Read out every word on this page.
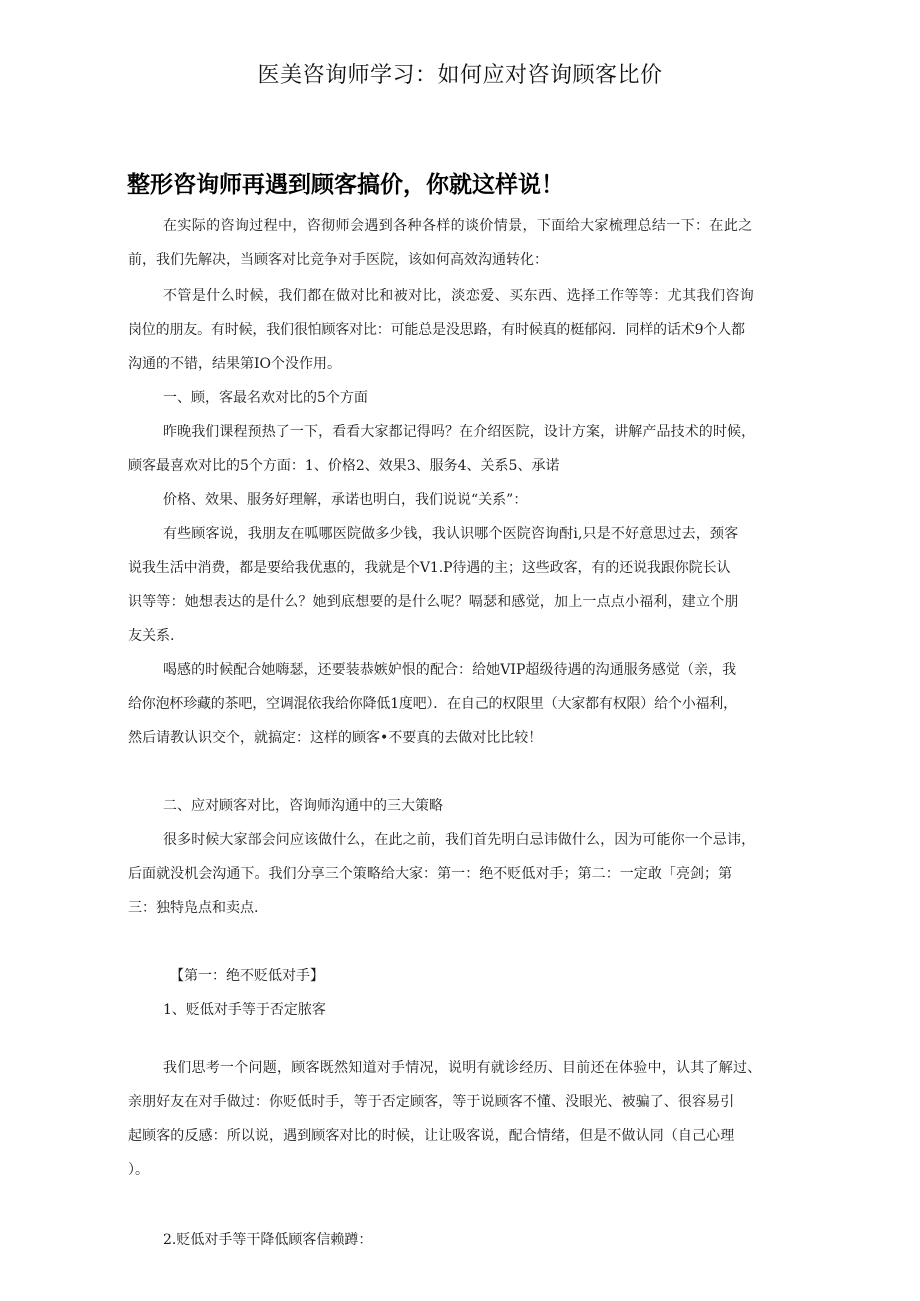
医美咨询师学习：如何应对咨询顾客比价
整形咨询师再遇到顾客搞价，你就这样说！
在实际的咨询过程中，咨彻师会遇到各种各样的谈价情景，下面给大家梳理总结一下：在此之
前，我们先解决，当顾客对比竞争对手医院，该如何高效沟通转化：
不管是什么时候，我们都在做对比和被对比，淡恋爱、买东西、选择工作等等：尤其我们咨询
岗位的朋友。有时候，我们很怕顾客对比：可能总是没思路，有时候真的梃郁闷．同样的话术9个人都
沟通的不错，结果第IO个没作用。
一、顾，客最名欢对比的5个方面
昨晚我们课程预热了一下，看看大家都记得吗？在介绍医院，设计方案，讲解产品技术的时候，
顾客最喜欢对比的5个方面：1、价格2、效果3、服务4、关系5、承诺
价格、效果、服务好理解，承诺也明白，我们说说“关系”：
有些顾客说，我朋友在呱哪医院做多少钱，我认识哪个医院咨询酎i,只是不好意思过去，颈客
说我生活中消费，都是要给我优惠的，我就是个V1.P待遇的主；这些政客，有的还说我跟你院长认
识等等：她想表达的是什么？她到底想要的是什么呢？嗝瑟和感觉，加上一点点小福利，建立个朋
友关系.
喝感的时候配合她嗨瑟，还要装恭嫉妒恨的配合：给她VIP超级待遇的沟通服务感觉（亲，我
给你泡杯珍藏的茶吧，空调混依我给你降低1度吧）．在自己的权限里（大家都有权限）给个小福利，
然后请教认识交个，就搞定：这样的顾客•不要真的去做对比比较！
二、应对顾客对比，咨询师沟通中的三大策略
很多时候大家部会问应该做什么，在此之前，我们首先明白忌讳做什么，因为可能你一个忌讳，
后面就没机会沟通下。我们分享三个策略给大家：第一：绝不贬低对手；第二：一定敢「亮剑；第
三：独特凫点和卖点.
【第一：绝不贬低对手】
1、贬低对手等于否定脓客
我们思考一个问题，顾客既然知道对手情况，说明有就诊经历、目前还在体验中，认其了解过、
亲朋好友在对手做过：你贬低时手，等于否定顾客，等于说顾客不懂、没眼光、被骗了、很容易引
起顾客的反感：所以说，遇到顾客对比的时候，让让吸客说，配合情绪，但是不做认同（自己心理
）。
2.贬低对手等干降低顾客信赖蹲：
